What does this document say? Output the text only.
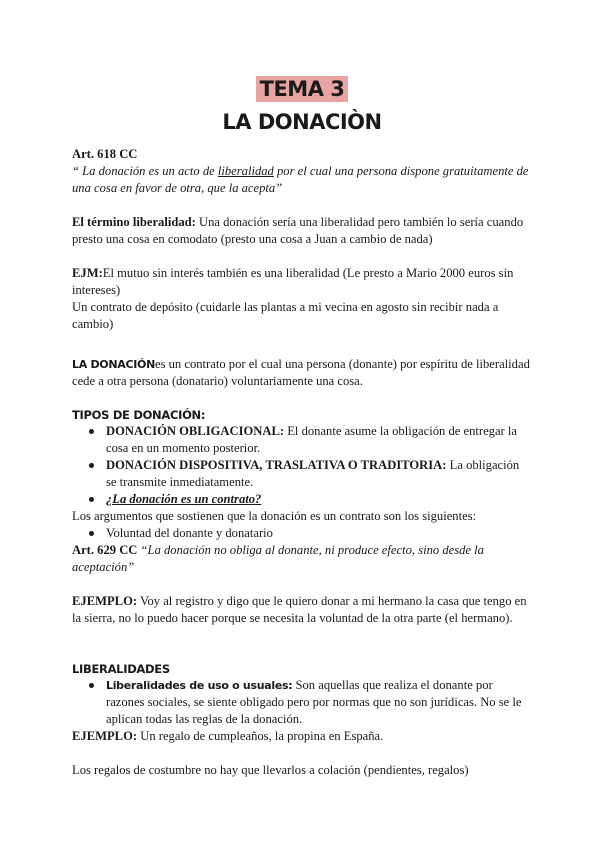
TEMA 3
LA DONACIÒN

Art. 618 CC

“ La donación es un acto de liberalidad por el cual una persona dispone gratuitamente de una cosa en favor de otra, que la acepta”

El término liberalidad: Una donación sería una liberalidad pero también lo sería cuando presto una cosa en comodato (presto una cosa a Juan a cambio de nada)

EJM:El mutuo sin interés también es una liberalidad (Le presto a Mario 2000 euros sin intereses)

Un contrato de depósito (cuidarle las plantas a mi vecina en agosto sin recibir nada a cambio)

LA DONACIÓNes un contrato por el cual una persona (donante) por espíritu de liberalidad cede a otra persona (donatario) voluntariamente una cosa.

TIPOS DE DONACIÓN:
DONACIÓN OBLIGACIONAL: El donante asume la obligación de entregar la cosa en un momento posterior.
DONACIÓN DISPOSITIVA, TRASLATIVA O TRADITORIA: La obligación se transmite inmediatamente.
¿La donación es un contrato?

Los argumentos que sostienen que la donación es un contrato son los siguientes:

Voluntad del donante y donatario

Art. 629 CC “La donación no obliga al donante, ni produce efecto, sino desde la aceptación”

EJEMPLO: Voy al registro y digo que le quiero donar a mi hermano la casa que tengo en la sierra, no lo puedo hacer porque se necesita la voluntad de la otra parte (el hermano).

LIBERALIDADES
Liberalidades de uso o usuales: Son aquellas que realiza el donante por razones sociales, se siente obligado pero por normas que no son jurídicas. No se le aplican todas las reglas de la donación.

EJEMPLO: Un regalo de cumpleaños, la propina en España.

Los regalos de costumbre no hay que llevarlos a colación (pendientes, regalos)
